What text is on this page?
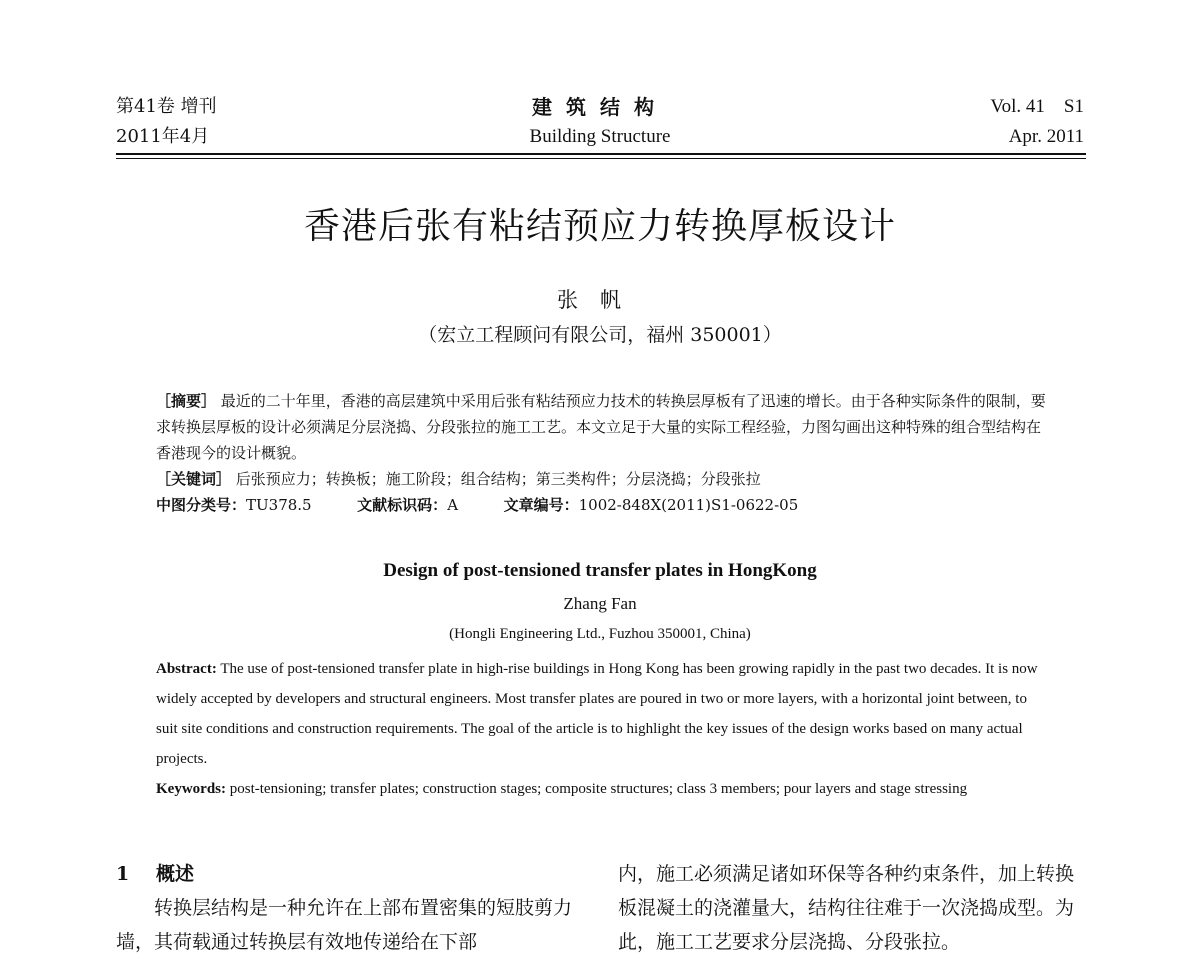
第41卷 增刊
2011年4月
建筑结构
Building Structure
Vol. 41　S1
Apr. 2011
香港后张有粘结预应力转换厚板设计
张帆
（宏立工程顾问有限公司，福州 350001）

［摘要］ 最近的二十年里，香港的高层建筑中采用后张有粘结预应力技术的转换层厚板有了迅速的增长。由于各种实际条件的限制，要求转换层厚板的设计必须满足分层浇捣、分段张拉的施工工艺。本文立足于大量的实际工程经验，力图勾画出这种特殊的组合型结构在香港现今的设计概貌。

［关键词］ 后张预应力；转换板；施工阶段；组合结构；第三类构件；分层浇捣；分段张拉

中图分类号：TU378.5	文献标识码：A	文章编号：1002-848X(2011)S1-0622-05

Design of post-tensioned transfer plates in HongKong
Zhang Fan
(Hongli Engineering Ltd., Fuzhou 350001, China)

Abstract: The use of post-tensioned transfer plate in high-rise buildings in Hong Kong has been growing rapidly in the past two decades. It is now widely accepted by developers and structural engineers. Most transfer plates are poured in two or more layers, with a horizontal joint between, to suit site conditions and construction requirements. The goal of the article is to highlight the key issues of the design works based on many actual projects.

Keywords: post-tensioning; transfer plates; construction stages; composite structures; class 3 members; pour layers and stage stressing

1 概述

转换层结构是一种允许在上部布置密集的短肢剪力墙，其荷载通过转换层有效地传递给在下部

内，施工必须满足诸如环保等各种约束条件，加上转换板混凝土的浇灌量大，结构往往难于一次浇捣成型。为此，施工工艺要求分层浇捣、分段张拉。
